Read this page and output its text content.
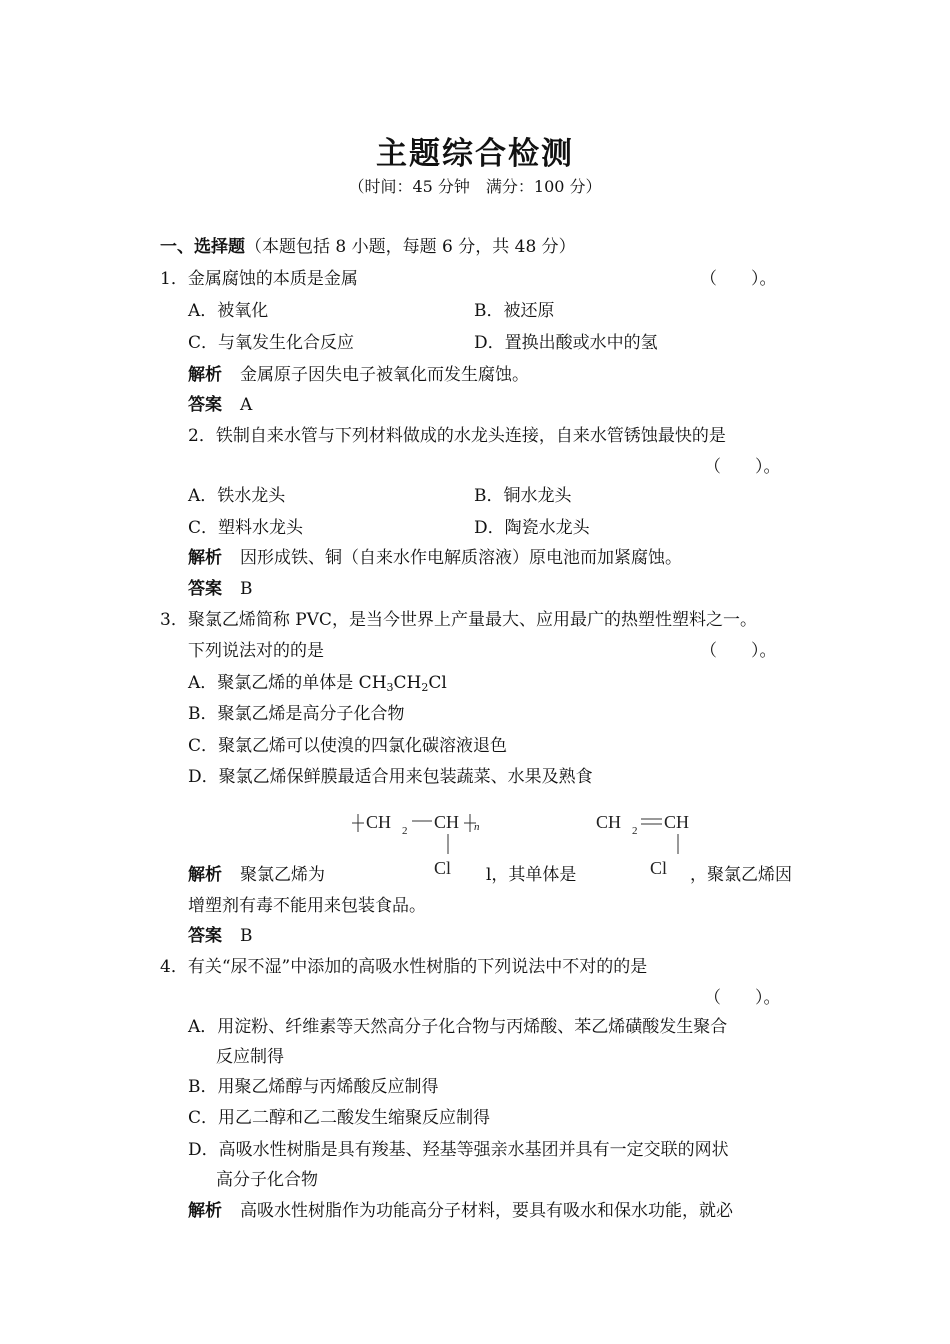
主题综合检测
（时间：45 分钟　满分：100 分）
一、选择题（本题包括 8 小题，每题 6 分，共 48 分）
1．金属腐蚀的本质是金属	（　　）。
A．被氧化	B．被还原
C．与氧发生化合反应	D．置换出酸或水中的氢
解析 金属原子因失电子被氧化而发生腐蚀。
答案 A
2．铁制自来水管与下列材料做成的水龙头连接，自来水管锈蚀最快的是
（　　）。
A．铁水龙头	B．铜水龙头
C．塑料水龙头	D．陶瓷水龙头
解析 因形成铁、铜（自来水作电解质溶液）原电池而加紧腐蚀。
答案 B
3．聚氯乙烯简称 PVC，是当今世界上产量最大、应用最广的热塑性塑料之一。
下列说法对的的是	（　　）。
A．聚氯乙烯的单体是 $CH_3CH_2Cl$
B．聚氯乙烯是高分子化合物
C．聚氯乙烯可以使溴的四氯化碳溶液退色
D．聚氯乙烯保鲜膜最适合用来包装蔬菜、水果及熟食
CH 2 CH n
Cl
CH 2 CH
Cl
解析 聚氯乙烯为	l，其单体是	，聚氯乙烯因
增塑剂有毒不能用来包装食品。
答案 B
4．有关“尿不湿”中添加的高吸水性树脂的下列说法中不对的的是
（　　）。
A．用淀粉、纤维素等天然高分子化合物与丙烯酸、苯乙烯磺酸发生聚合
反应制得
B．用聚乙烯醇与丙烯酸反应制得
C．用乙二醇和乙二酸发生缩聚反应制得
D．高吸水性树脂是具有羧基、羟基等强亲水基团并具有一定交联的网状
高分子化合物
解析 高吸水性树脂作为功能高分子材料，要具有吸水和保水功能，就必
